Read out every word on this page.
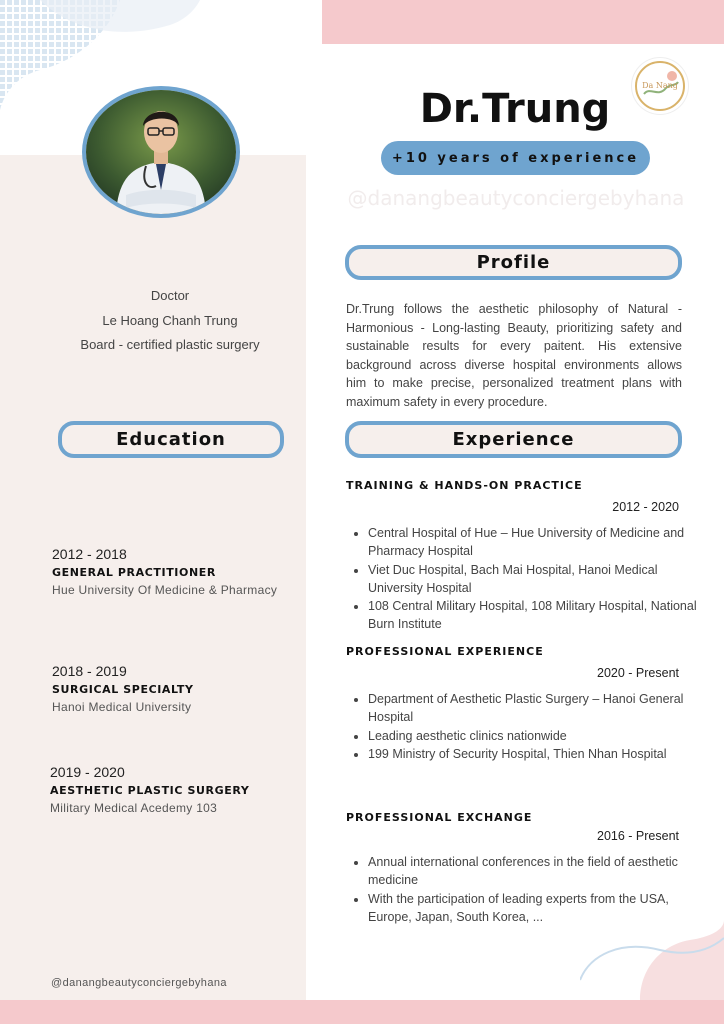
Da Nang
Dr.Trung
+10 years of experience
@danangbeautyconciergebyhana
Doctor
Le Hoang Chanh Trung
Board - certified plastic surgery
Profile
Education	Experience
Dr.Trung follows the aesthetic philosophy of Natural - Harmonious - Long-lasting Beauty, prioritizing safety and sustainable results for every paitent. His extensive background across diverse hospital environments allows him to make precise, personalized treatment plans with maximum safety in every procedure.
2012 - 2018
GENERAL PRACTITIONER
Hue University Of Medicine & Pharmacy
2018 - 2019
SURGICAL SPECIALTY
Hanoi Medical University
2019 - 2020
AESTHETIC PLASTIC SURGERY
Military Medical Acedemy 103
TRAINING & HANDS-ON PRACTICE
2012 - 2020
• Central Hospital of Hue – Hue University of Medicine and Pharmacy Hospital
• Viet Duc Hospital, Bach Mai Hospital, Hanoi Medical University Hospital
• 108 Central Military Hospital, 108 Military Hospital, National Burn Institute
PROFESSIONAL EXPERIENCE
2020 - Present
• Department of Aesthetic Plastic Surgery – Hanoi General Hospital
• Leading aesthetic clinics nationwide
• 199 Ministry of Security Hospital, Thien Nhan Hospital
PROFESSIONAL EXCHANGE
2016 - Present
• Annual international conferences in the field of aesthetic medicine
• With the participation of leading experts from the USA, Europe, Japan, South Korea, ...
@danangbeautyconciergebyhana
